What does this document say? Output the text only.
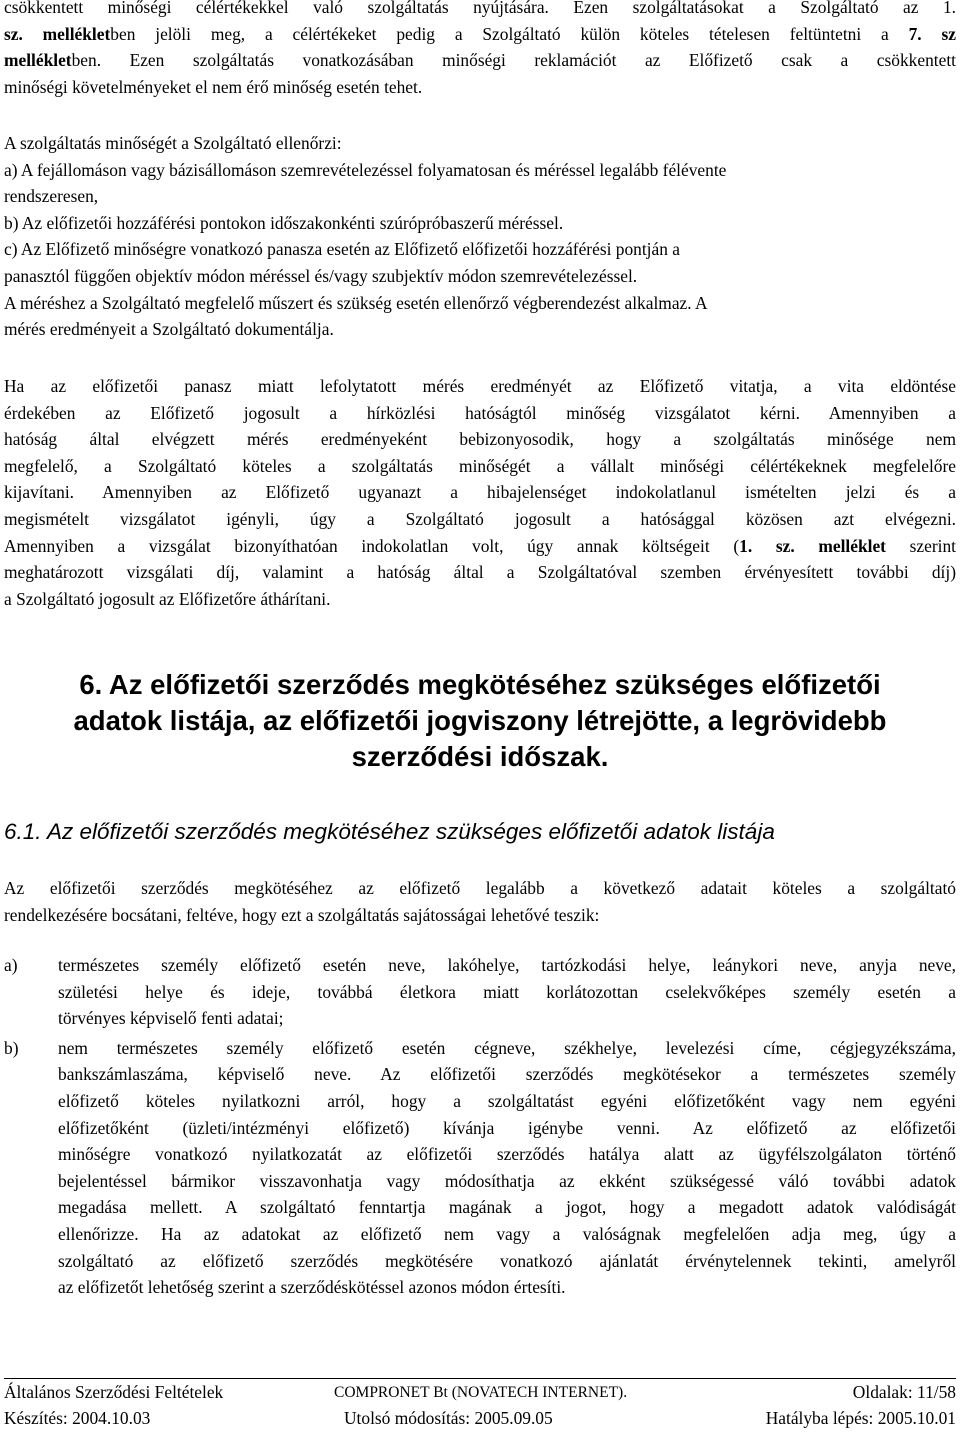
csökkentett minőségi célértékekkel való szolgáltatás nyújtására. Ezen szolgáltatásokat a Szolgáltató az 1.
sz. mellékletben jelöli meg, a célértékeket pedig a Szolgáltató külön köteles tételesen feltüntetni a 7. sz
mellékletben. Ezen szolgáltatás vonatkozásában minőségi reklamációt az Előfizető csak a csökkentett
minőségi követelményeket el nem érő minőség esetén tehet.
A szolgáltatás minőségét a Szolgáltató ellenőrzi:
a) A fejállomáson vagy bázisállomáson szemrevételezéssel folyamatosan és méréssel legalább félévente
rendszeresen,
b) Az előfizetői hozzáférési pontokon időszakonkénti szúrópróbaszerű méréssel.
c) Az Előfizető minőségre vonatkozó panasza esetén az Előfizető előfizetői hozzáférési pontján a
panasztól függően objektív módon méréssel és/vagy szubjektív módon szemrevételezéssel.
A méréshez a Szolgáltató megfelelő műszert és szükség esetén ellenőrző végberendezést alkalmaz. A
mérés eredményeit a Szolgáltató dokumentálja.
Ha az előfizetői panasz miatt lefolytatott mérés eredményét az Előfizető vitatja, a vita eldöntése
érdekében az Előfizető jogosult a hírközlési hatóságtól minőség vizsgálatot kérni. Amennyiben a
hatóság által elvégzett mérés eredményeként bebizonyosodik, hogy a szolgáltatás minősége nem
megfelelő, a Szolgáltató köteles a szolgáltatás minőségét a vállalt minőségi célértékeknek megfelelőre
kijavítani. Amennyiben az Előfizető ugyanazt a hibajelenséget indokolatlanul ismételten jelzi és a
megismételt vizsgálatot igényli, úgy a Szolgáltató jogosult a hatósággal közösen azt elvégezni.
Amennyiben a vizsgálat bizonyíthatóan indokolatlan volt, úgy annak költségeit (1. sz. melléklet szerint
meghatározott vizsgálati díj, valamint a hatóság által a Szolgáltatóval szemben érvényesített további díj)
a Szolgáltató jogosult az Előfizetőre áthárítani.
6. Az előfizetői szerződés megkötéséhez szükséges előfizetői
adatok listája, az előfizetői jogviszony létrejötte, a legrövidebb
szerződési időszak.
6.1. Az előfizetői szerződés megkötéséhez szükséges előfizetői adatok listája
Az előfizetői szerződés megkötéséhez az előfizető legalább a következő adatait köteles a szolgáltató
rendelkezésére bocsátani, feltéve, hogy ezt a szolgáltatás sajátosságai lehetővé teszik:
a) természetes személy előfizető esetén neve, lakóhelye, tartózkodási helye, leánykori neve, anyja neve,
születési helye és ideje, továbbá életkora miatt korlátozottan cselekvőképes személy esetén a
törvényes képviselő fenti adatai;
b) nem természetes személy előfizető esetén cégneve, székhelye, levelezési címe, cégjegyzékszáma,
bankszámlaszáma, képviselő neve. Az előfizetői szerződés megkötésekor a természetes személy
előfizető köteles nyilatkozni arról, hogy a szolgáltatást egyéni előfizetőként vagy nem egyéni
előfizetőként (üzleti/intézményi előfizető) kívánja igénybe venni. Az előfizető az előfizetői
minőségre vonatkozó nyilatkozatát az előfizetői szerződés hatálya alatt az ügyfélszolgálaton történő
bejelentéssel bármikor visszavonhatja vagy módosíthatja az ekként szükségessé váló további adatok
megadása mellett. A szolgáltató fenntartja magának a jogot, hogy a megadott adatok valódiságát
ellenőrizze. Ha az adatokat az előfizető nem vagy a valóságnak megfelelően adja meg, úgy a
szolgáltató az előfizető szerződés megkötésére vonatkozó ajánlatát érvénytelennek tekinti, amelyről
az előfizetőt lehetőség szerint a szerződéskötéssel azonos módon értesíti.
Általános Szerződési Feltételek	COMPRONET Bt (NOVATECH INTERNET).	Oldalak: 11/58
Készítés: 2004.10.03	Utolsó módosítás: 2005.09.05	Hatályba lépés: 2005.10.01
